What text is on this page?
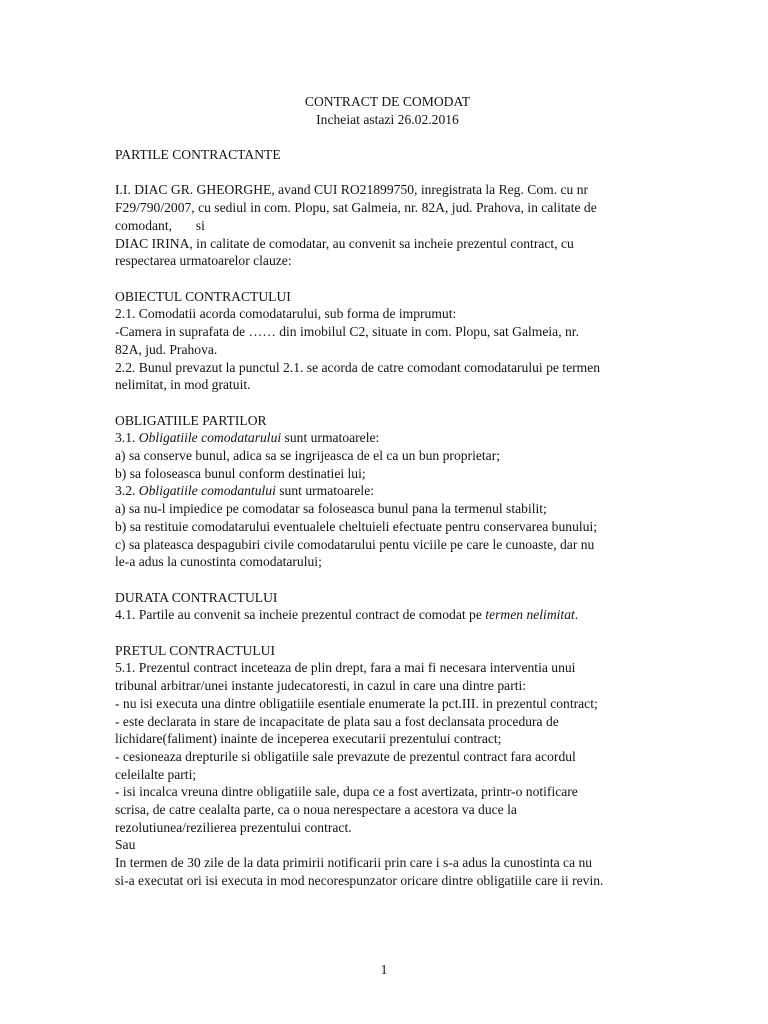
CONTRACT DE COMODAT
Incheiat astazi 26.02.2016
PARTILE CONTRACTANTE
I.I. DIAC GR. GHEORGHE, avand CUI RO21899750, inregistrata la Reg. Com. cu nr
F29/790/2007, cu sediul in com. Plopu, sat Galmeia, nr. 82A, jud. Prahova, in calitate de
comodant,       si
DIAC IRINA, in calitate de comodatar, au convenit sa incheie prezentul contract, cu
respectarea urmatoarelor clauze:
OBIECTUL CONTRACTULUI
2.1. Comodatii acorda comodatarului, sub forma de imprumut:
-Camera in suprafata de …… din imobilul C2, situate in com. Plopu, sat Galmeia, nr.
82A, jud. Prahova.
2.2. Bunul prevazut la punctul 2.1. se acorda de catre comodant comodatarului pe termen
nelimitat, in mod gratuit.
OBLIGATIILE PARTILOR
3.1. Obligatiile comodatarului sunt urmatoarele:
a) sa conserve bunul, adica sa se ingrijeasca de el ca un bun proprietar;
b) sa foloseasca bunul conform destinatiei lui;
3.2. Obligatiile comodantului sunt urmatoarele:
a) sa nu-l impiedice pe comodatar sa foloseasca bunul pana la termenul stabilit;
b) sa restituie comodatarului eventualele cheltuieli efectuate pentru conservarea bunului;
c) sa plateasca despagubiri civile comodatarului pentu viciile pe care le cunoaste, dar nu
le-a adus la cunostinta comodatarului;
DURATA CONTRACTULUI
4.1. Partile au convenit sa incheie prezentul contract de comodat pe termen nelimitat.
PRETUL CONTRACTULUI
5.1. Prezentul contract inceteaza de plin drept, fara a mai fi necesara interventia unui
tribunal arbitrar/unei instante judecatoresti, in cazul in care una dintre parti:
- nu isi executa una dintre obligatiile esentiale enumerate la pct.III. in prezentul contract;
- este declarata in stare de incapacitate de plata sau a fost declansata procedura de
lichidare(faliment) inainte de inceperea executarii prezentului contract;
- cesioneaza drepturile si obligatiile sale prevazute de prezentul contract fara acordul
celeilalte parti;
- isi incalca vreuna dintre obligatiile sale, dupa ce a fost avertizata, printr-o notificare
scrisa, de catre cealalta parte, ca o noua nerespectare a acestora va duce la
rezolutiunea/rezilierea prezentului contract.
Sau
In termen de 30 zile de la data primirii notificarii prin care i s-a adus la cunostinta ca nu
si-a executat ori isi executa in mod necorespunzator oricare dintre obligatiile care ii revin.
1
